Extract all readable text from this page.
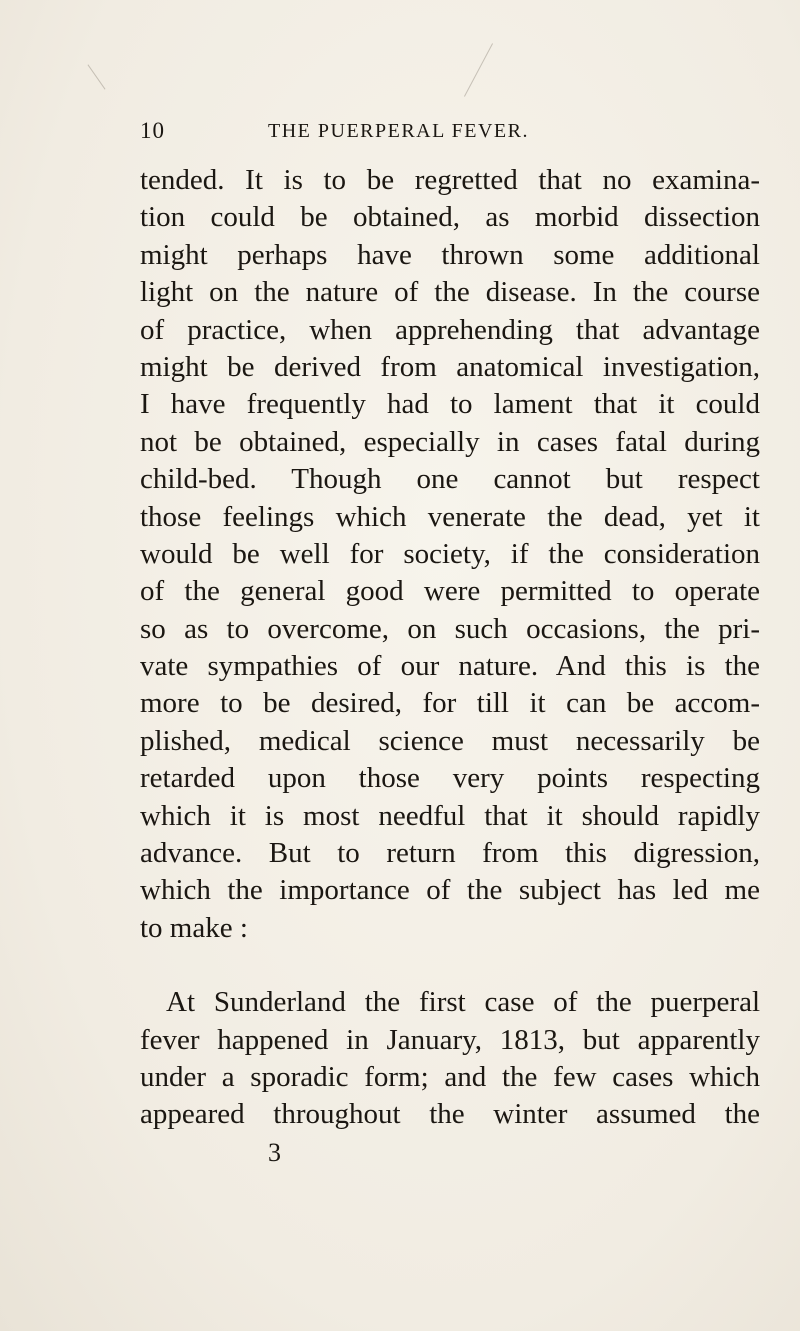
10	THE PUERPERAL FEVER.
tended. It is to be regretted that no examina-
tion could be obtained, as morbid dissection
might perhaps have thrown some additional
light on the nature of the disease. In the course
of practice, when apprehending that advantage
might be derived from anatomical investigation,
I have frequently had to lament that it could
not be obtained, especially in cases fatal during
child-bed. Though one cannot but respect
those feelings which venerate the dead, yet it
would be well for society, if the consideration
of the general good were permitted to operate
so as to overcome, on such occasions, the pri-
vate sympathies of our nature. And this is the
more to be desired, for till it can be accom-
plished, medical science must necessarily be
retarded upon those very points respecting
which it is most needful that it should rapidly
advance. But to return from this digression,
which the importance of the subject has led me
to make :
At Sunderland the first case of the puerperal
fever happened in January, 1813, but apparently
under a sporadic form; and the few cases which
appeared throughout the winter assumed the
3
